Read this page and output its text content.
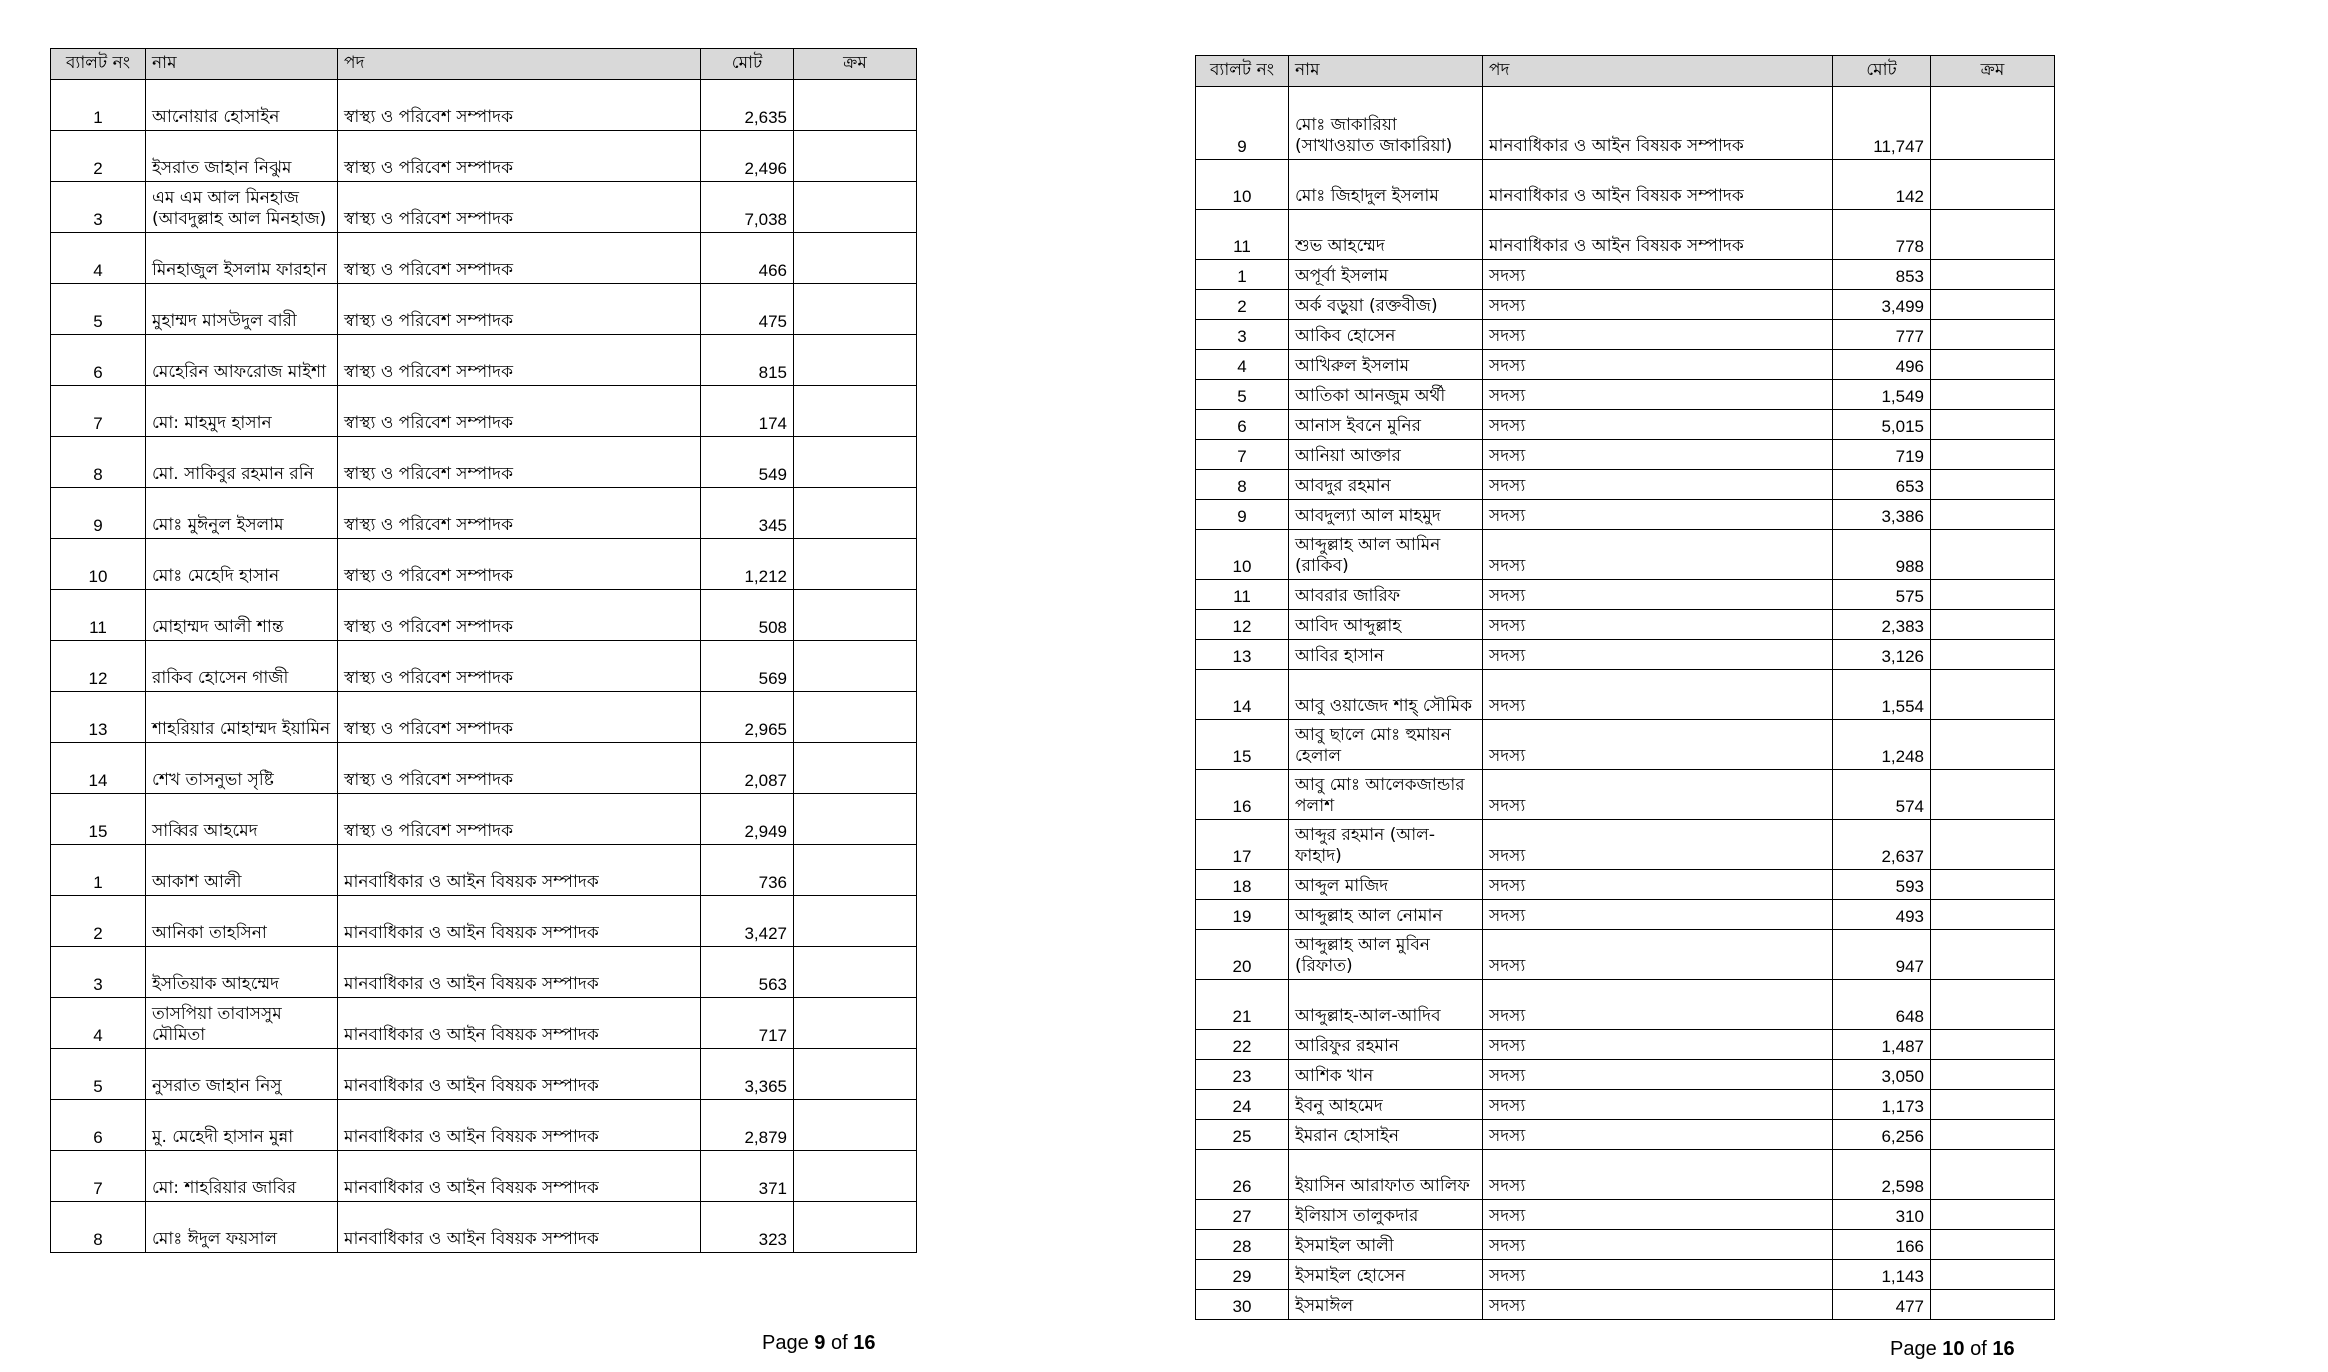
ব্যালট নং	নাম	পদ	মোট	ক্রম
1	আনোয়ার হোসাইন	স্বাস্থ্য ও পরিবেশ সম্পাদক	2,635	
2	ইসরাত জাহান নিঝুম	স্বাস্থ্য ও পরিবেশ সম্পাদক	2,496	
3	এম এম আল মিনহাজ (আবদুল্লাহ আল মিনহাজ)	স্বাস্থ্য ও পরিবেশ সম্পাদক	7,038	
4	মিনহাজুল ইসলাম ফারহান	স্বাস্থ্য ও পরিবেশ সম্পাদক	466	
5	মুহাম্মদ মাসউদুল বারী	স্বাস্থ্য ও পরিবেশ সম্পাদক	475	
6	মেহেরিন আফরোজ মাইশা	স্বাস্থ্য ও পরিবেশ সম্পাদক	815	
7	মো: মাহমুদ হাসান	স্বাস্থ্য ও পরিবেশ সম্পাদক	174	
8	মো. সাকিবুর রহমান রনি	স্বাস্থ্য ও পরিবেশ সম্পাদক	549	
9	মোঃ মুঈনুল ইসলাম	স্বাস্থ্য ও পরিবেশ সম্পাদক	345	
10	মোঃ মেহেদি হাসান	স্বাস্থ্য ও পরিবেশ সম্পাদক	1,212	
11	মোহাম্মদ আলী শান্ত	স্বাস্থ্য ও পরিবেশ সম্পাদক	508	
12	রাকিব হোসেন গাজী	স্বাস্থ্য ও পরিবেশ সম্পাদক	569	
13	শাহরিয়ার মোহাম্মদ ইয়ামিন	স্বাস্থ্য ও পরিবেশ সম্পাদক	2,965	
14	শেখ তাসনুভা সৃষ্টি	স্বাস্থ্য ও পরিবেশ সম্পাদক	2,087	
15	সাব্বির আহমেদ	স্বাস্থ্য ও পরিবেশ সম্পাদক	2,949	
1	আকাশ আলী	মানবাধিকার ও আইন বিষয়ক সম্পাদক	736	
2	আনিকা তাহসিনা	মানবাধিকার ও আইন বিষয়ক সম্পাদক	3,427	
3	ইসতিয়াক আহম্মেদ	মানবাধিকার ও আইন বিষয়ক সম্পাদক	563	
4	তাসপিয়া তাবাসসুম মৌমিতা	মানবাধিকার ও আইন বিষয়ক সম্পাদক	717	
5	নুসরাত জাহান নিসু	মানবাধিকার ও আইন বিষয়ক সম্পাদক	3,365	
6	মু. মেহেদী হাসান মুন্না	মানবাধিকার ও আইন বিষয়ক সম্পাদক	2,879	
7	মো: শাহরিয়ার জাবির	মানবাধিকার ও আইন বিষয়ক সম্পাদক	371	
8	মোঃ ঈদুল ফয়সাল	মানবাধিকার ও আইন বিষয়ক সম্পাদক	323	
Page 9 of 16
ব্যালট নং	নাম	পদ	মোট	ক্রম
9	মোঃ জাকারিয়া (সাখাওয়াত জাকারিয়া)	মানবাধিকার ও আইন বিষয়ক সম্পাদক	11,747	
10	মোঃ জিহাদুল ইসলাম	মানবাধিকার ও আইন বিষয়ক সম্পাদক	142	
11	শুভ আহম্মেদ	মানবাধিকার ও আইন বিষয়ক সম্পাদক	778	
1	অপূর্বা ইসলাম	সদস্য	853	
2	অর্ক বড়ুয়া (রক্তবীজ)	সদস্য	3,499	
3	আকিব হোসেন	সদস্য	777	
4	আখিরুল ইসলাম	সদস্য	496	
5	আতিকা আনজুম অর্থী	সদস্য	1,549	
6	আনাস ইবনে মুনির	সদস্য	5,015	
7	আনিয়া আক্তার	সদস্য	719	
8	আবদুর রহমান	সদস্য	653	
9	আবদুল্যা আল মাহমুদ	সদস্য	3,386	
10	আব্দুল্লাহ আল আমিন (রাকিব)	সদস্য	988	
11	আবরার জারিফ	সদস্য	575	
12	আবিদ আব্দুল্লাহ	সদস্য	2,383	
13	আবির হাসান	সদস্য	3,126	
14	আবু ওয়াজেদ শাহ্ সৌমিক	সদস্য	1,554	
15	আবু ছালে মোঃ হুমায়ন হেলাল	সদস্য	1,248	
16	আবু মোঃ আলেকজান্ডার পলাশ	সদস্য	574	
17	আব্দুর রহমান (আল-ফাহাদ)	সদস্য	2,637	
18	আব্দুল মাজিদ	সদস্য	593	
19	আব্দুল্লাহ আল নোমান	সদস্য	493	
20	আব্দুল্লাহ আল মুবিন (রিফাত)	সদস্য	947	
21	আব্দুল্লাহ-আল-আদিব	সদস্য	648	
22	আরিফুর রহমান	সদস্য	1,487	
23	আশিক খান	সদস্য	3,050	
24	ইবনু আহমেদ	সদস্য	1,173	
25	ইমরান হোসাইন	সদস্য	6,256	
26	ইয়াসিন আরাফাত আলিফ	সদস্য	2,598	
27	ইলিয়াস তালুকদার	সদস্য	310	
28	ইসমাইল আলী	সদস্য	166	
29	ইসমাইল হোসেন	সদস্য	1,143	
30	ইসমাঈল	সদস্য	477	
Page 10 of 16
